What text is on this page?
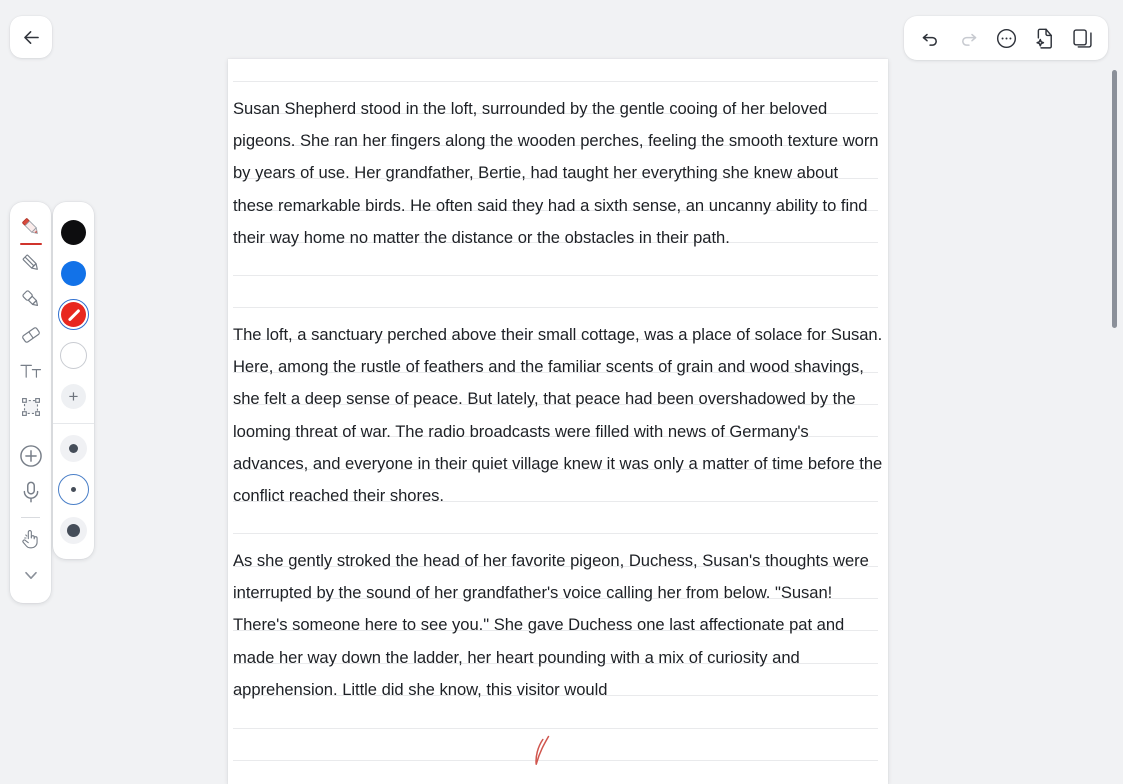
+
Susan Shepherd stood in the loft, surrounded by the gentle cooing of her beloved pigeons. She ran her fingers along the wooden perches, feeling the smooth texture worn by years of use. Her grandfather, Bertie, had taught her everything she knew about these remarkable birds. He often said they had a sixth sense, an uncanny ability to find their way home no matter the distance or the obstacles in their path.
The loft, a sanctuary perched above their small cottage, was a place of solace for Susan. Here, among the rustle of feathers and the familiar scents of grain and wood shavings, she felt a deep sense of peace. But lately, that peace had been overshadowed by the looming threat of war. The radio broadcasts were filled with news of Germany's advances, and everyone in their quiet village knew it was only a matter of time before the conflict reached their shores.
As she gently stroked the head of her favorite pigeon, Duchess, Susan's thoughts were interrupted by the sound of her grandfather's voice calling her from below. "Susan! There's someone here to see you." She gave Duchess one last affectionate pat and made her way down the ladder, her heart pounding with a mix of curiosity and apprehension. Little did she know, this visitor would
